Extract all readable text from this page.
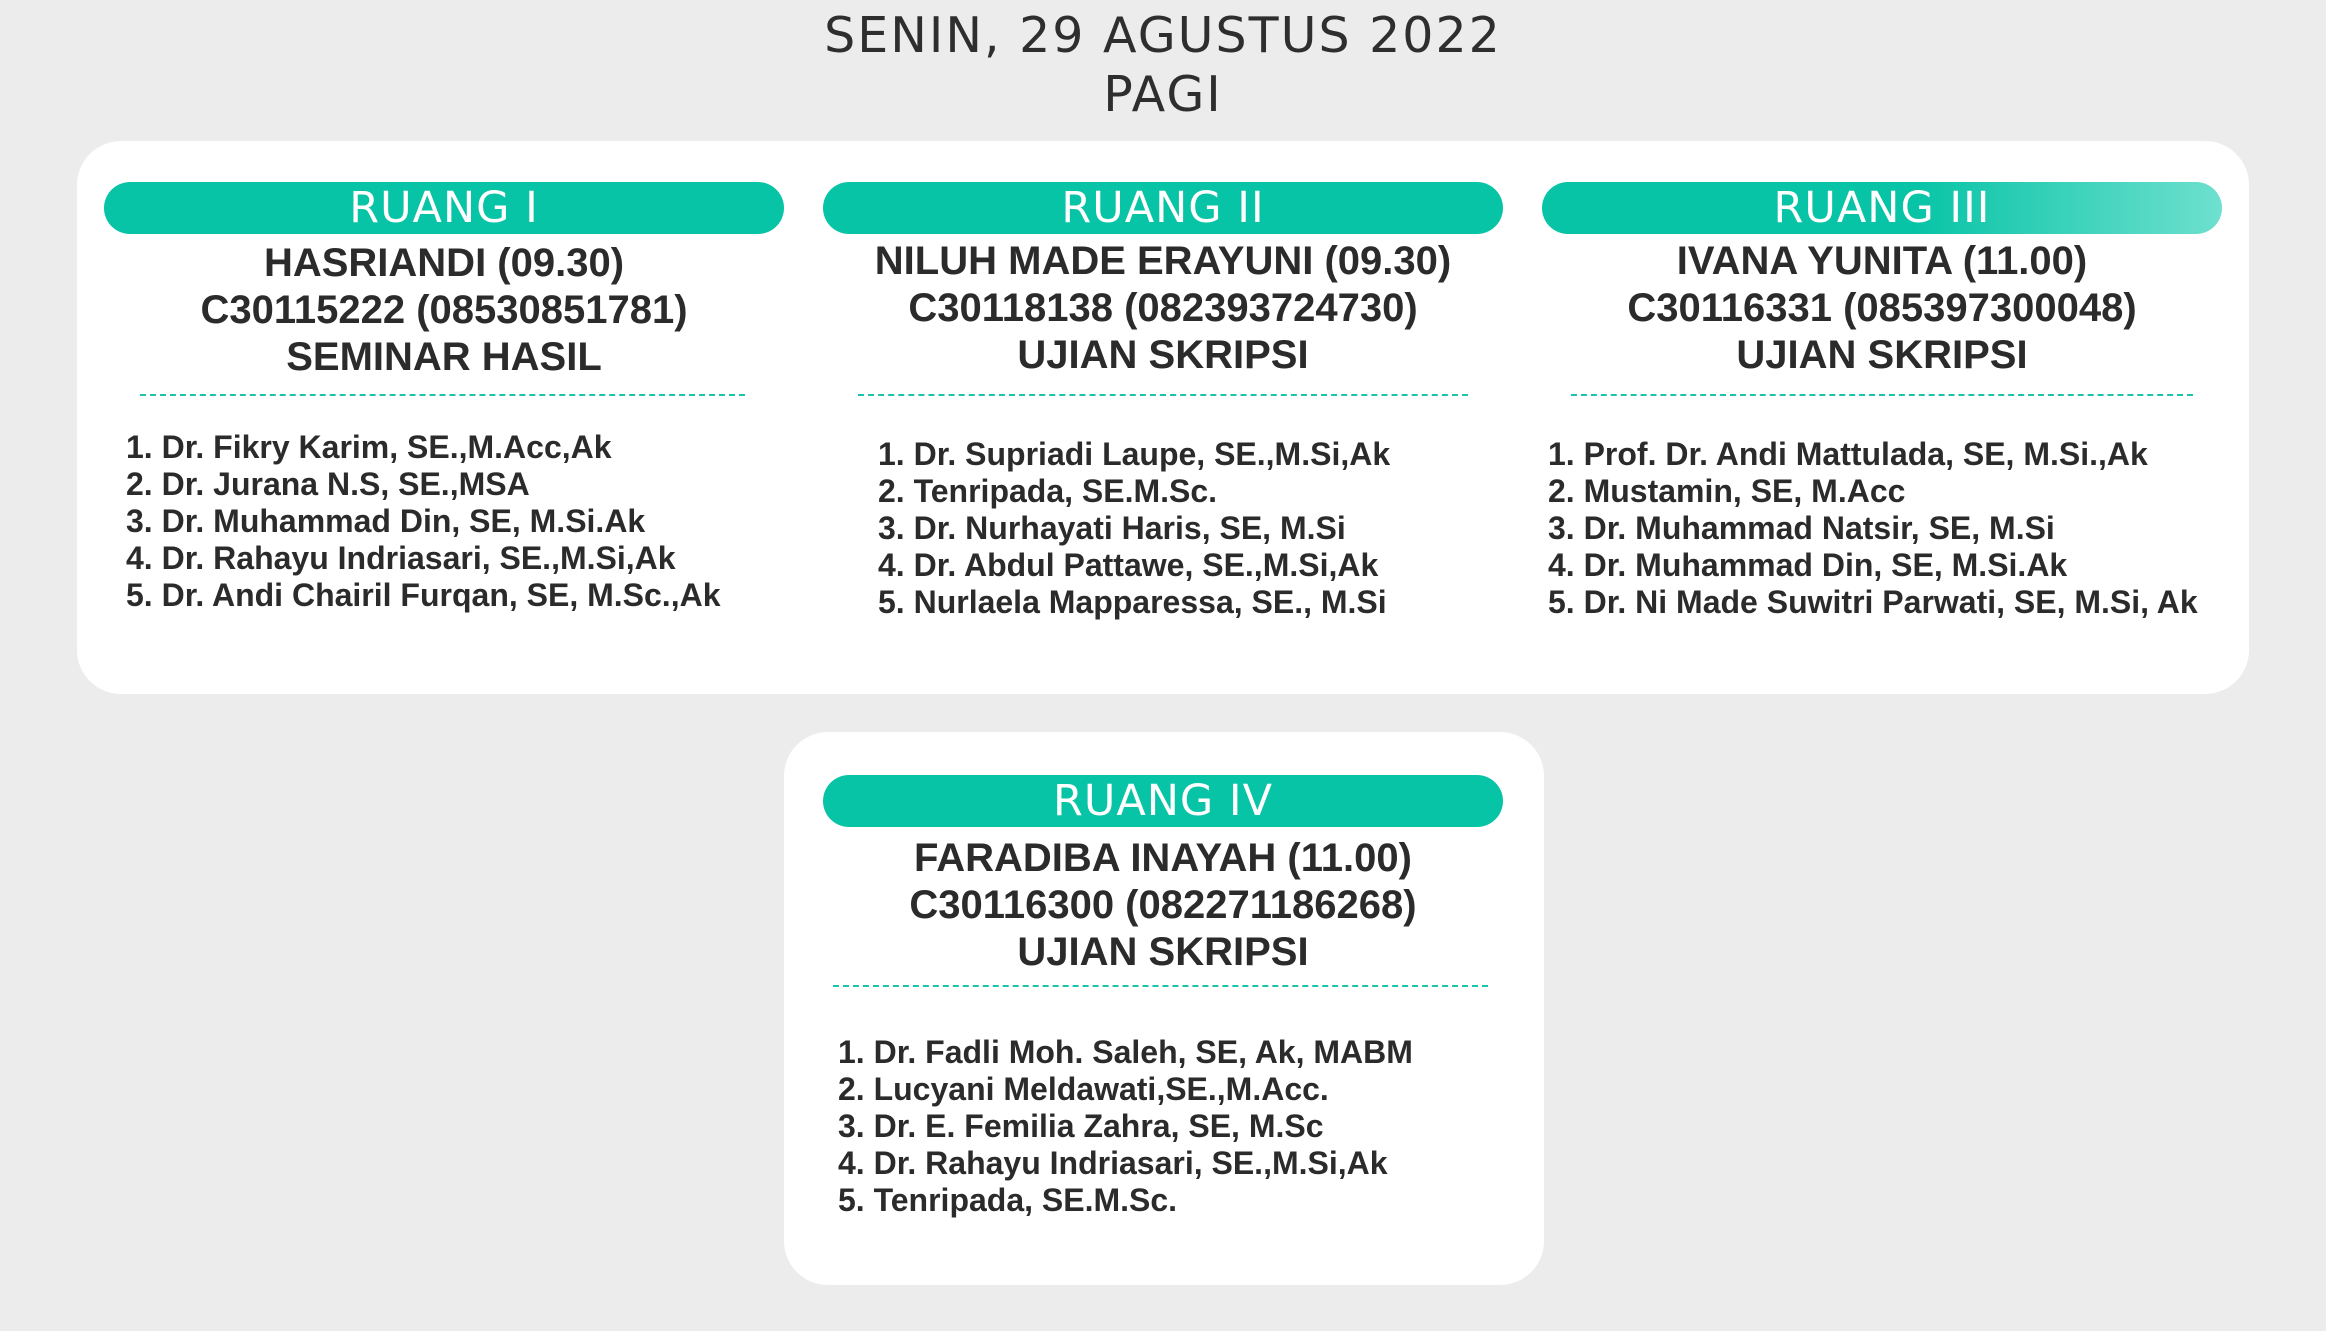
SENIN, 29 AGUSTUS 2022
PAGI
RUANG I
HASRIANDI (09.30)
C30115222 (08530851781)
SEMINAR HASIL
1. Dr. Fikry Karim, SE.,M.Acc,Ak
2. Dr. Jurana N.S, SE.,MSA
3. Dr. Muhammad Din, SE, M.Si.Ak
4. Dr. Rahayu Indriasari, SE.,M.Si,Ak
5. Dr. Andi Chairil Furqan, SE, M.Sc.,Ak
RUANG II
NILUH MADE ERAYUNI (09.30)
C30118138 (082393724730)
UJIAN SKRIPSI
1. Dr. Supriadi Laupe, SE.,M.Si,Ak
2. Tenripada, SE.M.Sc.
3. Dr. Nurhayati Haris, SE, M.Si
4. Dr. Abdul Pattawe, SE.,M.Si,Ak
5. Nurlaela Mapparessa, SE., M.Si
RUANG III
IVANA YUNITA (11.00)
C30116331 (085397300048)
UJIAN SKRIPSI
1. Prof. Dr. Andi Mattulada, SE, M.Si.,Ak
2. Mustamin, SE, M.Acc
3. Dr. Muhammad Natsir, SE, M.Si
4. Dr. Muhammad Din, SE, M.Si.Ak
5. Dr. Ni Made Suwitri Parwati, SE, M.Si, Ak
RUANG IV
FARADIBA INAYAH (11.00)
C30116300 (082271186268)
UJIAN SKRIPSI
1. Dr. Fadli Moh. Saleh, SE, Ak, MABM
2. Lucyani Meldawati,SE.,M.Acc.
3. Dr. E. Femilia Zahra, SE, M.Sc
4. Dr. Rahayu Indriasari, SE.,M.Si,Ak
5. Tenripada, SE.M.Sc.
